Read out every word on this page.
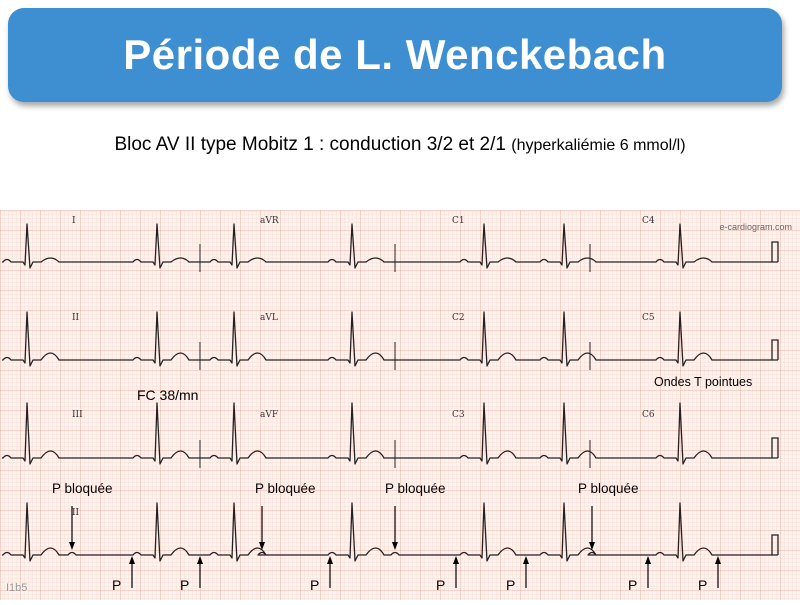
Période de L. Wenckebach
Bloc AV II type Mobitz 1 : conduction 3/2 et 2/1 (hyperkaliémie 6 mmol/l)
I	aVR	C1	C4
II	aVL	C2	C5
III	aVF	C3	C6
II
e-cardiogram.com
I1b5
FC 38/mn
Ondes T pointues
P bloquée	P bloquée	P bloquée	P bloquée
P	P	P	P	P	P	P
